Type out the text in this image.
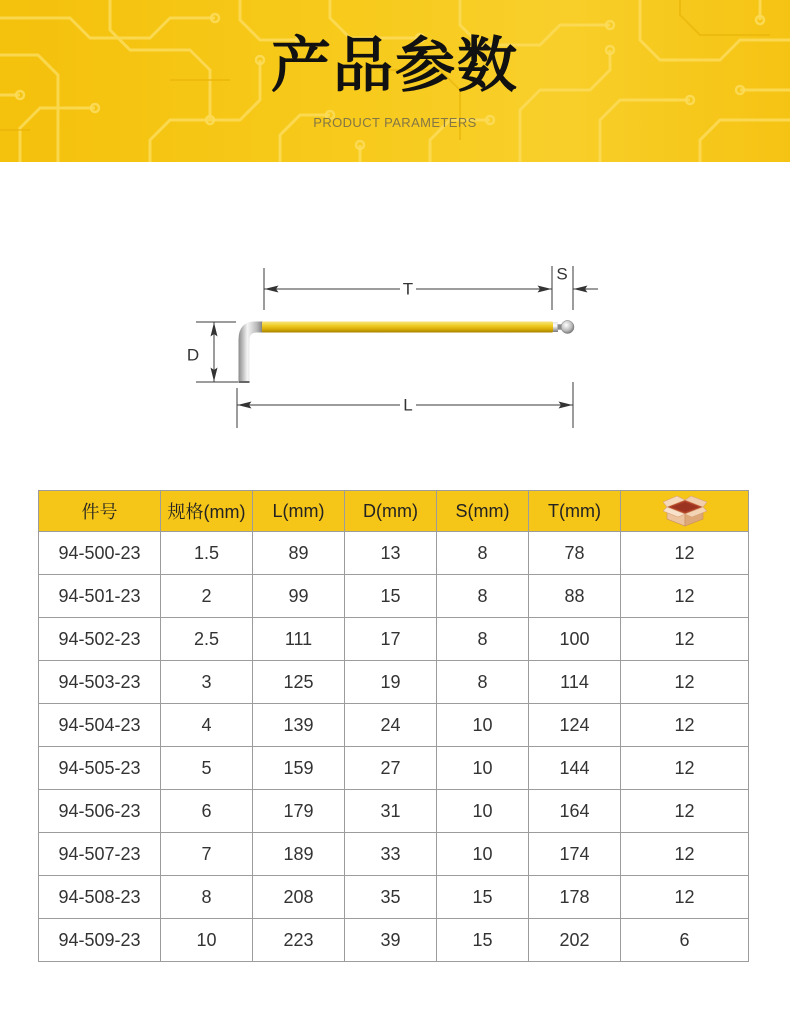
产品参数
PRODUCT PARAMETERS
T
S
D
L
件号	规格(mm)	L(mm)	D(mm)	S(mm)	T(mm)	
94-500-23	1.5	89	13	8	78	12
94-501-23	2	99	15	8	88	12
94-502-23	2.5	111	17	8	100	12
94-503-23	3	125	19	8	114	12
94-504-23	4	139	24	10	124	12
94-505-23	5	159	27	10	144	12
94-506-23	6	179	31	10	164	12
94-507-23	7	189	33	10	174	12
94-508-23	8	208	35	15	178	12
94-509-23	10	223	39	15	202	6
